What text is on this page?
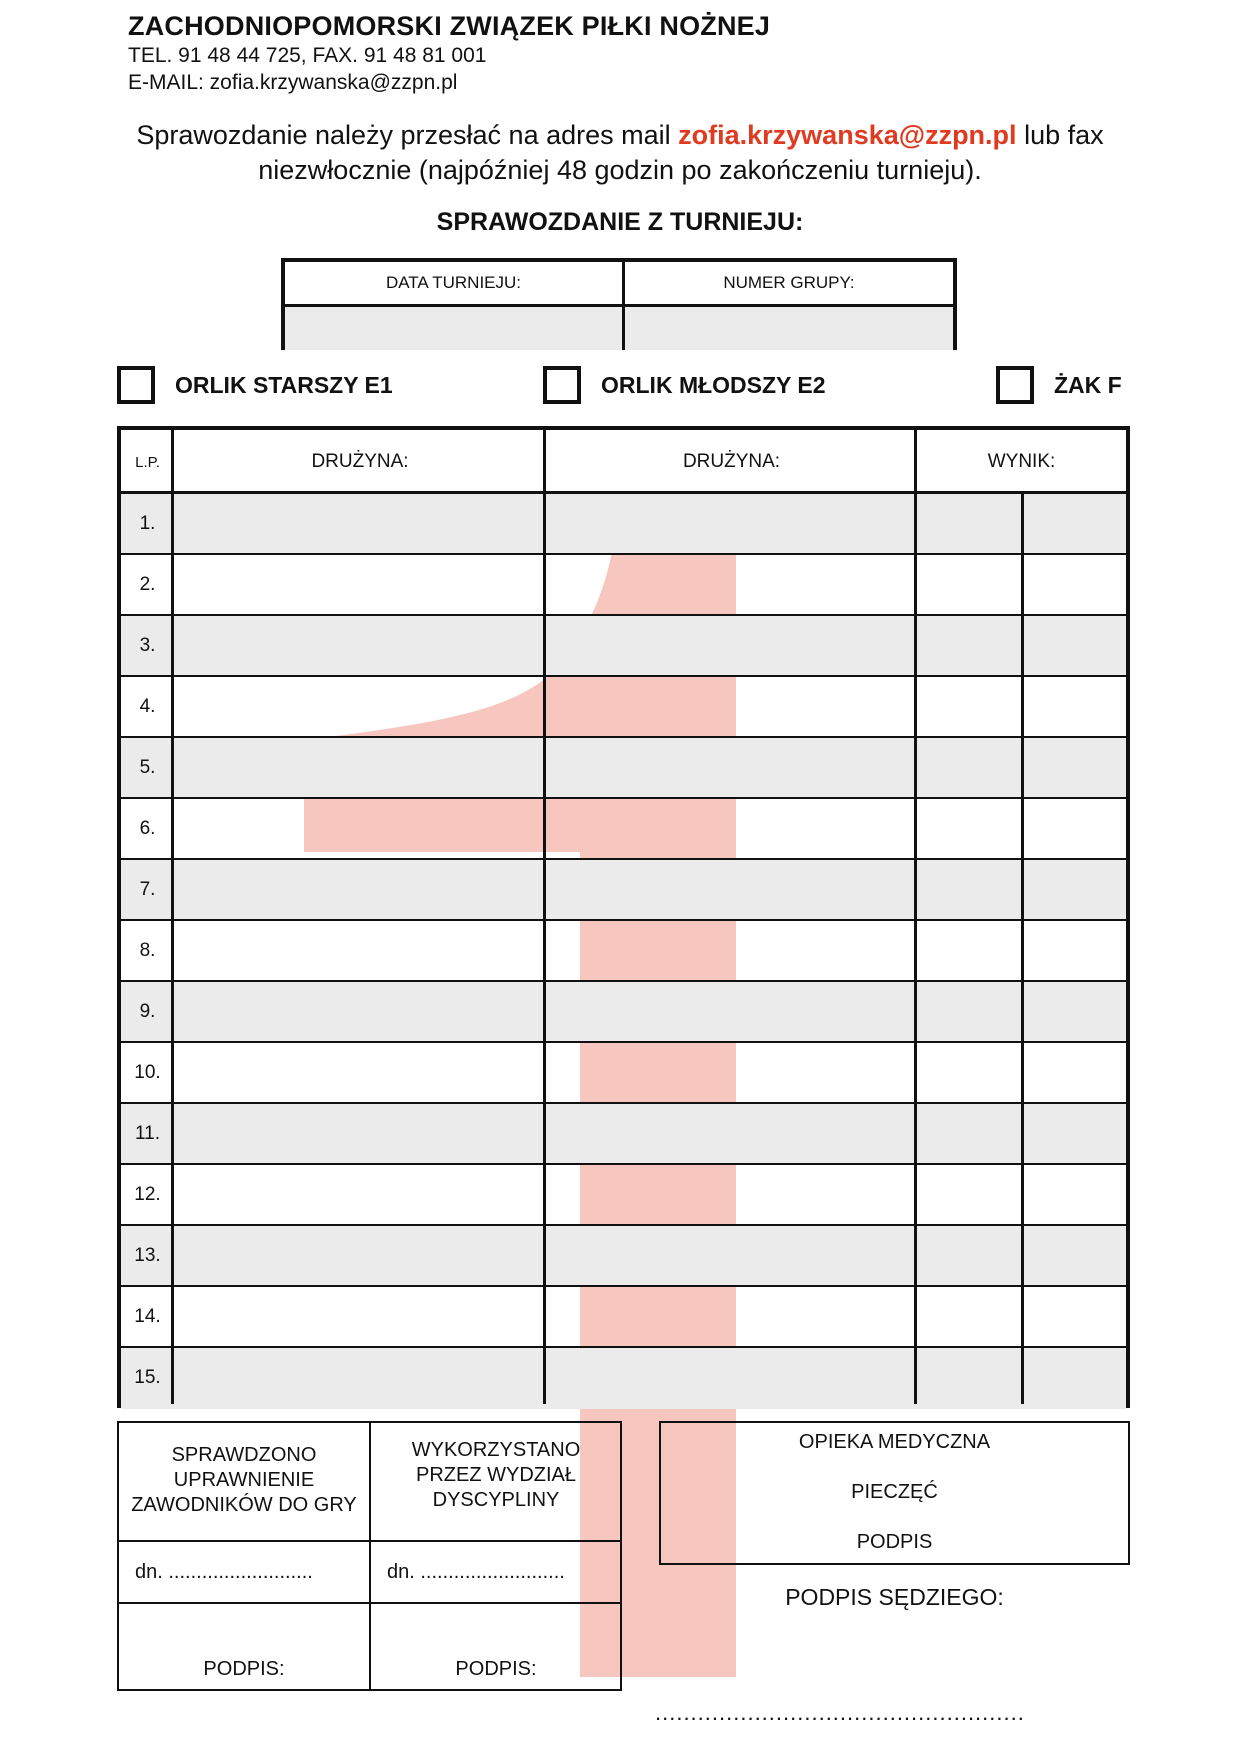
ZACHODNIOPOMORSKI ZWIĄZEK PIŁKI NOŻNEJ
TEL. 91 48 44 725, FAX. 91 48 81 001
E-MAIL: zofia.krzywanska@zzpn.pl
Sprawozdanie należy przesłać na adres mail zofia.krzywanska@zzpn.pl lub fax
niezwłocznie (najpóźniej 48 godzin po zakończeniu turnieju).
SPRAWOZDANIE Z TURNIEJU:
DATA TURNIEJU:	NUMER GRUPY:
ORLIK STARSZY E1	ORLIK MŁODSZY E2	ŻAK F
L.P.	DRUŻYNA:	DRUŻYNA:	WYNIK:
1.
2.
3.
4.
5.
6.
7.
8.
9.
10.
11.
12.
13.
14.
15.
SPRAWDZONO UPRAWNIENIE ZAWODNIKÓW DO GRY
WYKORZYSTANO PRZEZ WYDZIAŁ DYSCYPLINY
dn. ..........................	dn. ..........................
PODPIS:	PODPIS:
OPIEKA MEDYCZNA
PIECZĘĆ
PODPIS
PODPIS SĘDZIEGO:
....................................................
